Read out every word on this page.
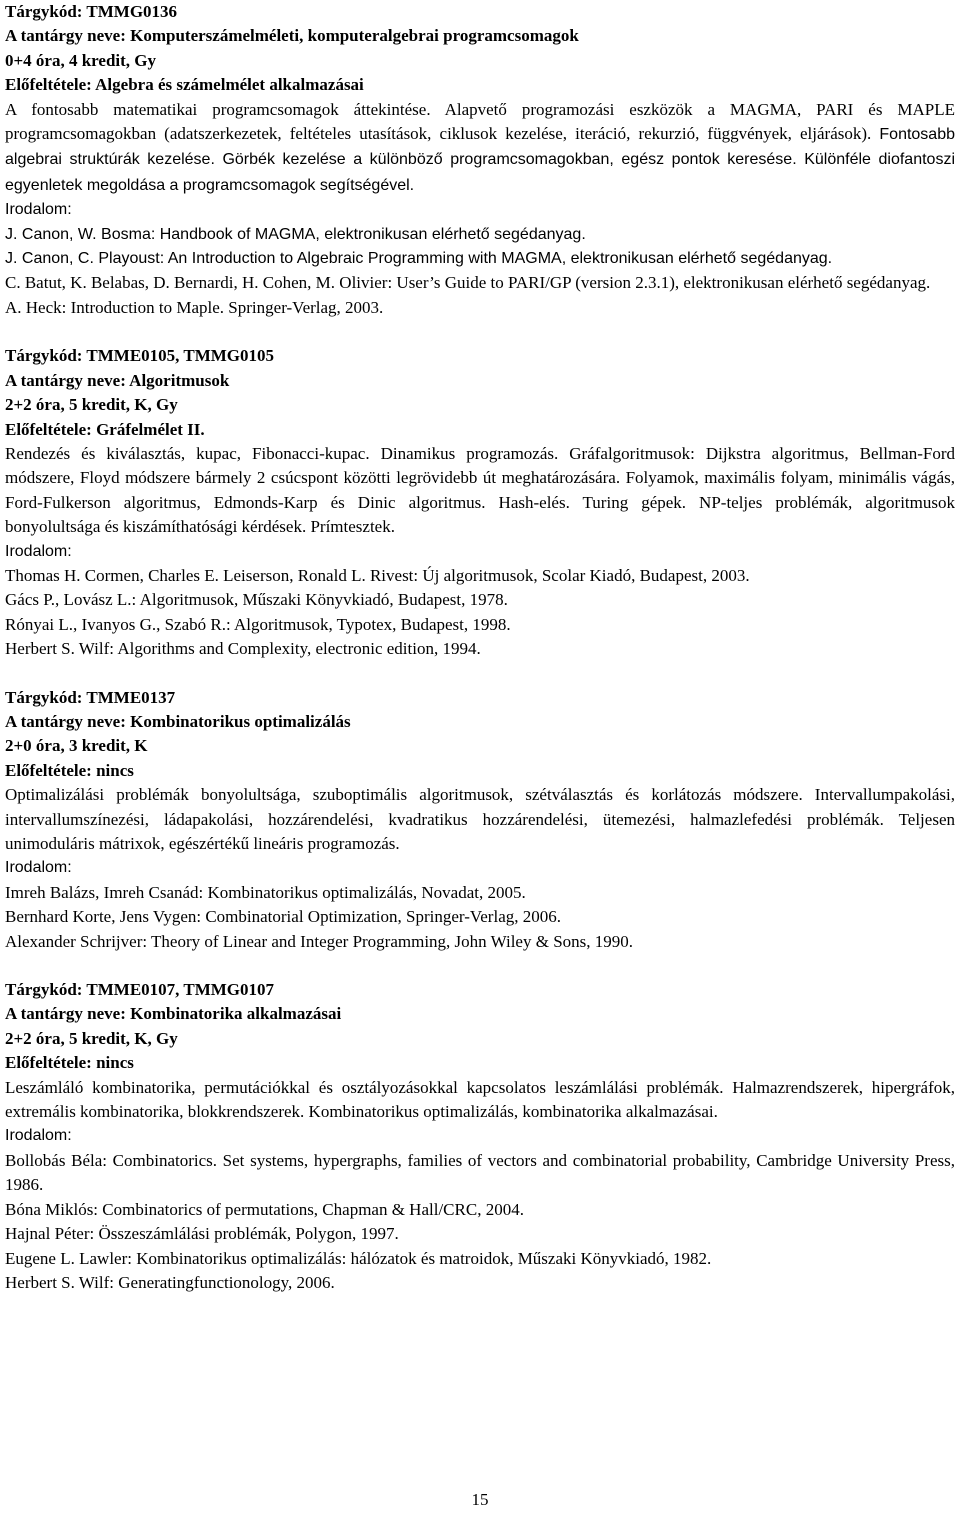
Tárgykód: TMMG0136

A tantárgy neve: Komputerszámelméleti, komputeralgebrai programcsomagok

0+4 óra, 4 kredit, Gy

Előfeltétele: Algebra és számelmélet alkalmazásai

A fontosabb matematikai programcsomagok áttekintése. Alapvető programozási eszközök a MAGMA, PARI és MAPLE programcsomagokban (adatszerkezetek, feltételes utasítások, ciklusok kezelése, iteráció, rekurzió, függvények, eljárások). Fontosabb algebrai struktúrák kezelése. Görbék kezelése a különböző programcsomagokban, egész pontok keresése. Különféle diofantoszi egyenletek megoldása a programcsomagok segítségével.

Irodalom:

J. Canon, W. Bosma: Handbook of MAGMA, elektronikusan elérhető segédanyag.

J. Canon, C. Playoust: An Introduction to Algebraic Programming with MAGMA, elektronikusan elérhető segédanyag.

C. Batut, K. Belabas, D. Bernardi, H. Cohen, M. Olivier: User’s Guide to PARI/GP (version 2.3.1), elektronikusan elérhető segédanyag.

A. Heck: Introduction to Maple. Springer-Verlag, 2003.

Tárgykód: TMME0105, TMMG0105

A tantárgy neve: Algoritmusok

2+2 óra, 5 kredit, K, Gy

Előfeltétele: Gráfelmélet II.

Rendezés és kiválasztás, kupac, Fibonacci-kupac. Dinamikus programozás. Gráfalgoritmusok: Dijkstra algoritmus, Bellman-Ford módszere, Floyd módszere bármely 2 csúcspont közötti legrövidebb út meghatározására. Folyamok, maximális folyam, minimális vágás, Ford-Fulkerson algoritmus, Edmonds-Karp és Dinic algoritmus. Hash-elés. Turing gépek. NP-teljes problémák, algoritmusok bonyolultsága és kiszámíthatósági kérdések. Prímtesztek.

Irodalom:

Thomas H. Cormen, Charles E. Leiserson, Ronald L. Rivest: Új algoritmusok, Scolar Kiadó, Budapest, 2003.

Gács P., Lovász L.: Algoritmusok, Műszaki Könyvkiadó, Budapest, 1978.

Rónyai L., Ivanyos G., Szabó R.: Algoritmusok, Typotex, Budapest, 1998.

Herbert S. Wilf: Algorithms and Complexity, electronic edition, 1994.

Tárgykód: TMME0137

A tantárgy neve: Kombinatorikus optimalizálás

2+0 óra, 3 kredit, K

Előfeltétele: nincs

Optimalizálási problémák bonyolultsága, szuboptimális algoritmusok, szétválasztás és korlátozás módszere. Intervallumpakolási, intervallumszínezési, ládapakolási, hozzárendelési, kvadratikus hozzárendelési, ütemezési, halmazlefedési problémák. Teljesen unimoduláris mátrixok, egészértékű lineáris programozás.

Irodalom:

Imreh Balázs, Imreh Csanád: Kombinatorikus optimalizálás, Novadat, 2005.

Bernhard Korte, Jens Vygen: Combinatorial Optimization, Springer-Verlag, 2006.

Alexander Schrijver: Theory of Linear and Integer Programming, John Wiley & Sons, 1990.

Tárgykód: TMME0107, TMMG0107

A tantárgy neve: Kombinatorika alkalmazásai

2+2 óra, 5 kredit, K, Gy

Előfeltétele: nincs

Leszámláló kombinatorika, permutációkkal és osztályozásokkal kapcsolatos leszámlálási problémák. Halmazrendszerek, hipergráfok, extremális kombinatorika, blokkrendszerek. Kombinatorikus optimalizálás, kombinatorika alkalmazásai.

Irodalom:

Bollobás Béla: Combinatorics. Set systems, hypergraphs, families of vectors and combinatorial probability, Cambridge University Press, 1986.

Bóna Miklós: Combinatorics of permutations, Chapman & Hall/CRC, 2004.

Hajnal Péter: Összeszámlálási problémák, Polygon, 1997.

Eugene L. Lawler: Kombinatorikus optimalizálás: hálózatok és matroidok, Műszaki Könyvkiadó, 1982.

Herbert S. Wilf: Generatingfunctionology, 2006.

15
